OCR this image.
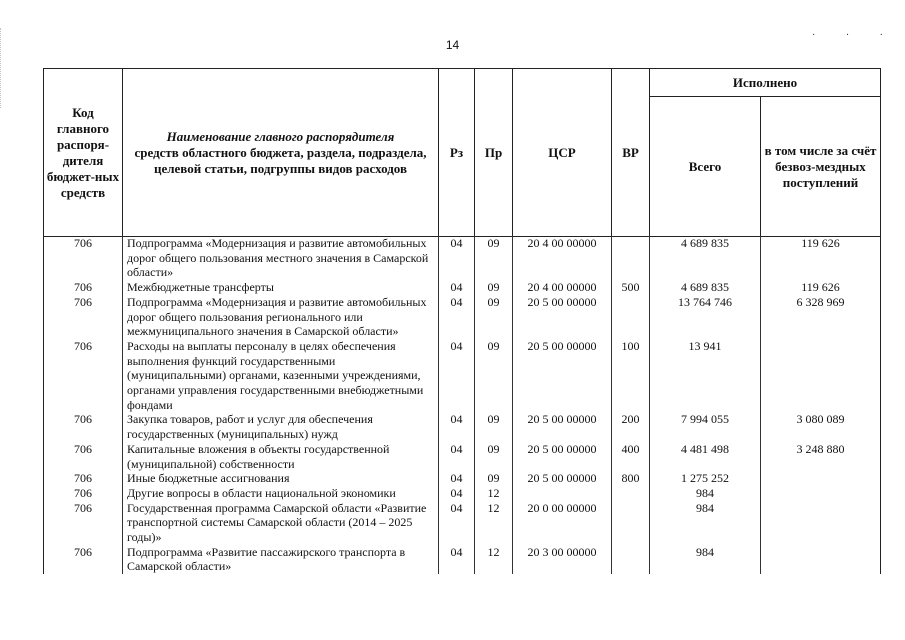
14
· · ·
Код главного распоря-дителя бюджет-ных средств	Наименование главного распорядителя
средств областного бюджета, раздела, подраздела, целевой статьи, подгруппы видов расходов	Рз	Пр	ЦСР	ВР	Исполнено	
						Всего	в том числе за счёт безвоз-мездных поступлений
706	Подпрограмма «Модернизация и развитие автомобильных дорог общего пользования местного значения в Самарской области»	04	09	20 4 00 00000		4 689 835	119 626
706	Межбюджетные трансферты	04	09	20 4 00 00000	500	4 689 835	119 626
706	Подпрограмма «Модернизация и развитие автомобильных дорог общего пользования регионального или межмуниципального значения в Самарской области»	04	09	20 5 00 00000		13 764 746	6 328 969
706	Расходы на выплаты персоналу в целях обеспечения выполнения функций государственными (муниципальными) органами, казенными учреждениями, органами управления государственными внебюджетными фондами	04	09	20 5 00 00000	100	13 941	
706	Закупка товаров, работ и услуг для обеспечения государственных (муниципальных) нужд	04	09	20 5 00 00000	200	7 994 055	3 080 089
706	Капитальные вложения в объекты государственной (муниципальной) собственности	04	09	20 5 00 00000	400	4 481 498	3 248 880
706	Иные бюджетные ассигнования	04	09	20 5 00 00000	800	1 275 252	
706	Другие вопросы в области национальной экономики	04	12			984	
706	Государственная программа Самарской области «Развитие транспортной системы Самарской области (2014 – 2025 годы)»	04	12	20 0 00 00000		984	
706	Подпрограмма «Развитие пассажирского транспорта в Самарской области»	04	12	20 3 00 00000		984	
